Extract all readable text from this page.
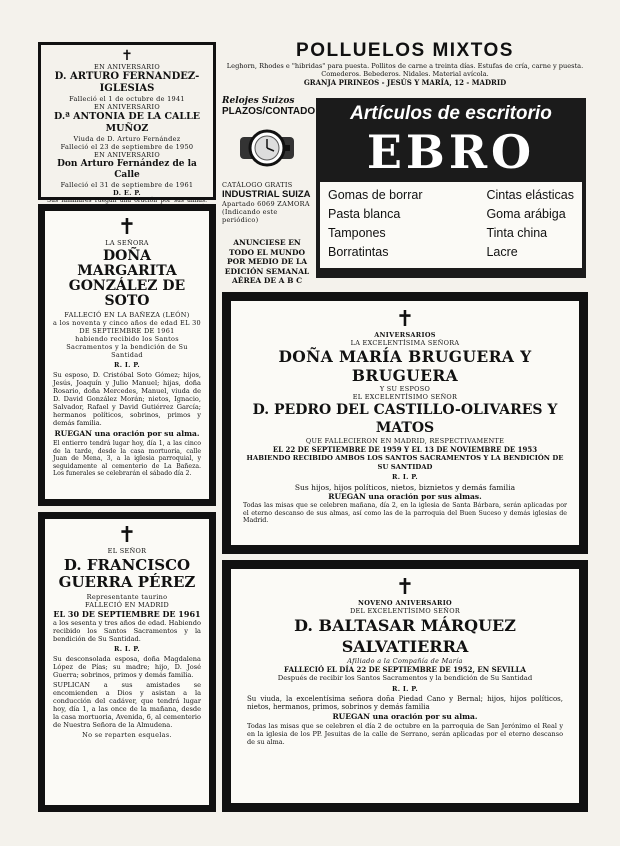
✝
EN ANIVERSARIO
D. ARTURO FERNANDEZ-IGLESIAS
Falleció el 1 de octubre de 1941
EN ANIVERSARIO
D.ª ANTONIA DE LA CALLE MUÑOZ
Viuda de D. Arturo Fernández
Falleció el 23 de septiembre de 1950
EN ANIVERSARIO
Don Arturo Fernández de la Calle
Falleció el 31 de septiembre de 1961
D. E. P.

Sus familiares ruegan una oración por sus almas.

✝
LA SEÑORA
DOÑA MARGARITA GONZÁLEZ DE SOTO
FALLECIÓ EN LA BAÑEZA (LEÓN)
a los noventa y cinco años de edad EL 30 DE SEPTIEMBRE DE 1961
habiendo recibido los Santos Sacramentos y la bendición de Su Santidad
R. I. P.

Su esposo, D. Cristóbal Soto Gómez; hijos, Jesús, Joaquín y Julio Manuel; hijas, doña Rosario, doña Mercedes, Manuel, viuda de D. David González Morán; nietos, Ignacio, Salvador, Rafael y David Gutiérrez García; hermanos políticos, sobrinos, primos y demás familia.

RUEGAN una oración por su alma.

El entierro tendrá lugar hoy, día 1, a las cinco de la tarde, desde la casa mortuoria, calle Juan de Mena, 3, a la iglesia parroquial, y seguidamente al cementerio de La Bañeza. Los funerales se celebrarán el sábado día 2.

✝
EL SEÑOR
D. FRANCISCO GUERRA PÉREZ
Representante taurino
FALLECIÓ EN MADRID
EL 30 DE SEPTIEMBRE DE 1961

a los sesenta y tres años de edad. Habiendo recibido los Santos Sacramentos y la bendición de Su Santidad.

R. I. P.

Su desconsolada esposa, doña Magdalena López de Pías; su madre; hijo, D. José Guerra; sobrinos, primos y demás familia.

SUPLICAN a sus amistades se encomienden a Dios y asistan a la conducción del cadáver, que tendrá lugar hoy, día 1, a las once de la mañana, desde la casa mortuoria, Avenida, 6, al cementerio de Nuestra Señora de la Almudena.

No se reparten esquelas.
POLLUELOS MIXTOS
Leghorn, Rhodes e "hibridas" para puesta. Pollitos de carne a treinta días. Estufas de cría, carne y puesta. Comederos. Bebederos. Nidales. Material avícola.
GRANJA PIRINEOS - JESÚS Y MARÍA, 12 - MADRID
Relojes Suizos
PLAZOS/CONTADO
CATÁLOGO GRATIS
INDUSTRIAL SUIZA
Apartado 6069 ZAMORA
(Indicando este periódico)
ANUNCIESE EN TODO EL MUNDO POR MEDIO DE LA EDICIÓN SEMANAL AÉREA DE A B C
Artículos de escritorio
EBRO
Gomas de borrar
Pasta blanca
Tampones
Borratintas
Cintas elásticas
Goma arábiga
Tinta china
Lacre
✝
ANIVERSARIOS
LA EXCELENTÍSIMA SEÑORA
DOÑA MARÍA BRUGUERA Y BRUGUERA
Y SU ESPOSO
EL EXCELENTÍSIMO SEÑOR
D. PEDRO DEL CASTILLO-OLIVARES Y MATOS
QUE FALLECIERON EN MADRID, RESPECTIVAMENTE
EL 22 DE SEPTIEMBRE DE 1959 Y EL 13 DE NOVIEMBRE DE 1953
HABIENDO RECIBIDO AMBOS LOS SANTOS SACRAMENTOS Y LA BENDICIÓN DE SU SANTIDAD
R. I. P.
Sus hijos, hijos políticos, nietos, biznietos y demás familia
RUEGAN una oración por sus almas.

Todas las misas que se celebren mañana, día 2, en la iglesia de Santa Bárbara, serán aplicadas por el eterno descanso de sus almas, así como las de la parroquia del Buen Suceso y demás iglesias de Madrid.

✝
NOVENO ANIVERSARIO
DEL EXCELENTÍSIMO SEÑOR
D. BALTASAR MÁRQUEZ SALVATIERRA
Afiliado a la Compañía de María
FALLECIÓ EL DÍA 22 DE SEPTIEMBRE DE 1952, EN SEVILLA
Después de recibir los Santos Sacramentos y la bendición de Su Santidad
R. I. P.

Su viuda, la excelentísima señora doña Piedad Cano y Bernal; hijos, hijos políticos, nietos, hermanos, primos, sobrinos y demás familia

RUEGAN una oración por su alma.

Todas las misas que se celebren el día 2 de octubre en la parroquia de San Jerónimo el Real y en la iglesia de los PP. Jesuitas de la calle de Serrano, serán aplicadas por el eterno descanso de su alma.
